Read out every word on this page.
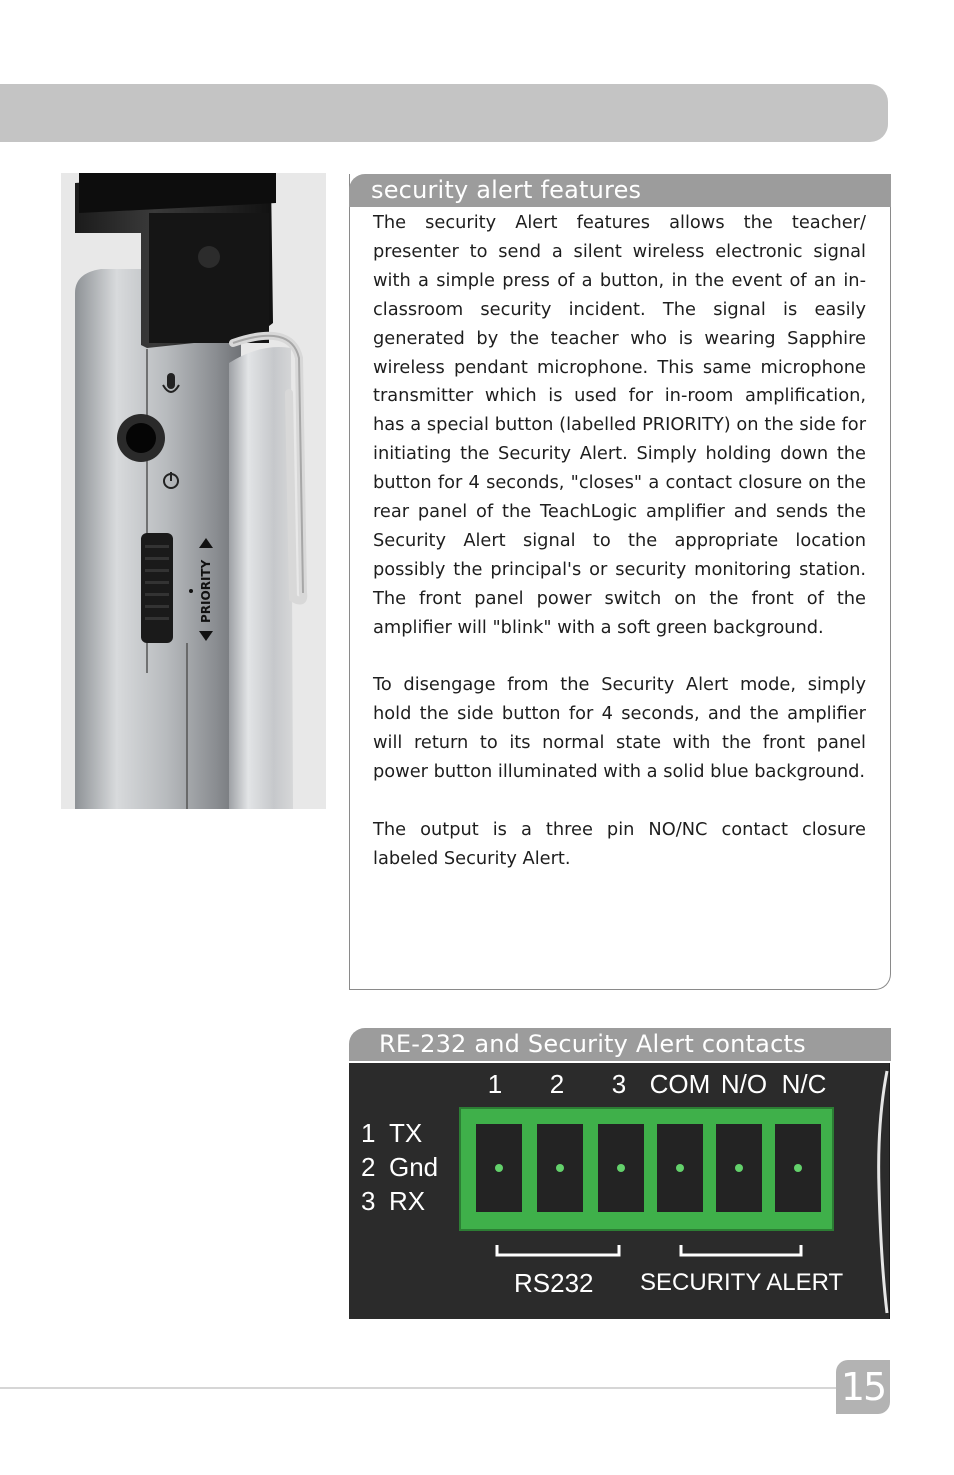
PRIORITY
security alert features

The security Alert features allows the teacher/ presenter to send a silent wireless electronic signal with a simple press of a button, in the event of an in-classroom security incident. The signal is easily generated by the teacher who is wearing Sapphire wireless pendant microphone. This same microphone transmitter which is used for in-room amplification, has a special button (labelled PRIORITY) on the side for initiating the Security Alert. Simply holding down the button for 4 seconds, "closes" a contact closure on the rear panel of the TeachLogic amplifier and sends the Security Alert signal to the appropriate location possibly the principal's or security monitoring station. The front panel power switch on the front of the amplifier will "blink" with a soft green background.

To disengage from the Security Alert mode, simply hold the side button for 4 seconds, and the amplifier will return to its normal state with the front panel power button illuminated with a solid blue background.

The output is a three pin NO/NC contact closure labeled Security Alert.

RE-232 and Security Alert contacts
1 2 3 COM N/O N/C
1 TX
2 Gnd
3 RX
RS232 SECURITY ALERT
15
